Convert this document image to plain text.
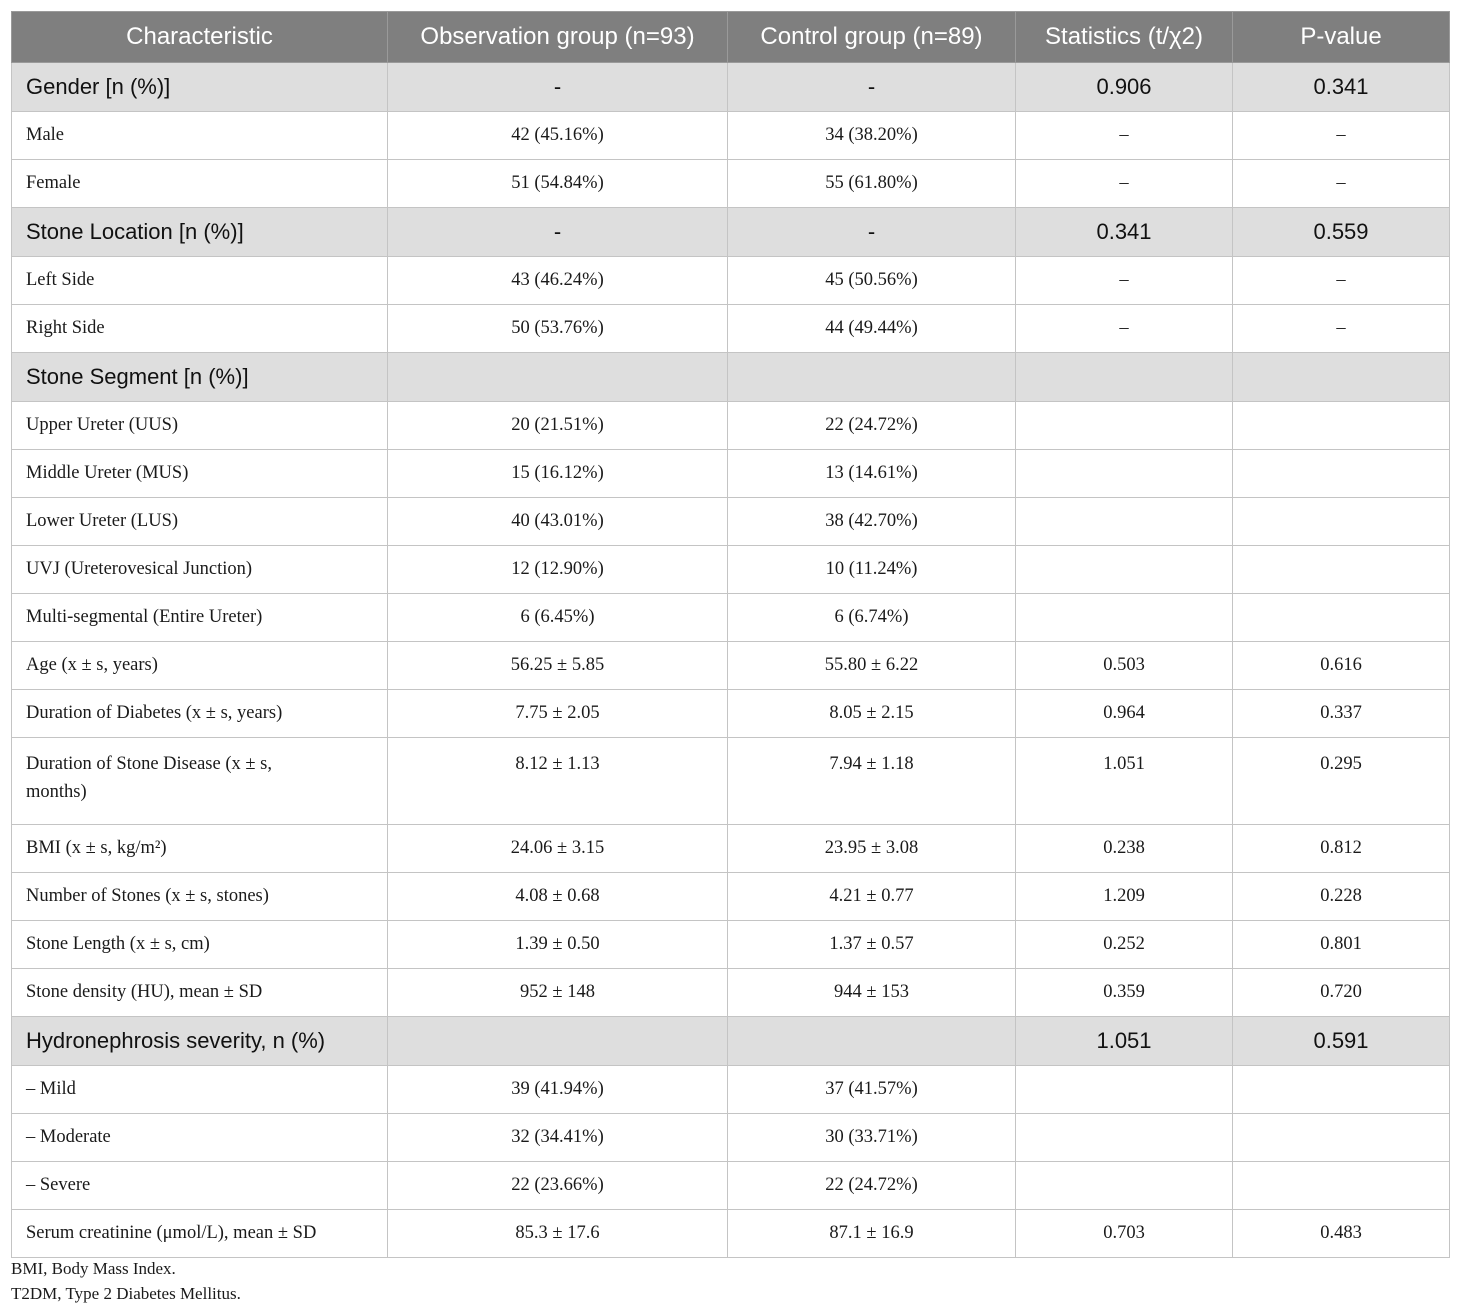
Characteristic	Observation group (n=93)	Control group (n=89)	Statistics (t/χ2)	P-value
Gender [n (%)]	-	-	0.906	0.341
Male	42 (45.16%)	34 (38.20%)	–	–
Female	51 (54.84%)	55 (61.80%)	–	–
Stone Location [n (%)]	-	-	0.341	0.559
Left Side	43 (46.24%)	45 (50.56%)	–	–
Right Side	50 (53.76%)	44 (49.44%)	–	–
Stone Segment [n (%)]				
Upper Ureter (UUS)	20 (21.51%)	22 (24.72%)		
Middle Ureter (MUS)	15 (16.12%)	13 (14.61%)		
Lower Ureter (LUS)	40 (43.01%)	38 (42.70%)		
UVJ (Ureterovesical Junction)	12 (12.90%)	10 (11.24%)		
Multi-segmental (Entire Ureter)	6 (6.45%)	6 (6.74%)		
Age (x ± s, years)	56.25 ± 5.85	55.80 ± 6.22	0.503	0.616
Duration of Diabetes (x ± s, years)	7.75 ± 2.05	8.05 ± 2.15	0.964	0.337
Duration of Stone Disease (x ± s, months)	8.12 ± 1.13	7.94 ± 1.18	1.051	0.295
BMI (x ± s, kg/m²)	24.06 ± 3.15	23.95 ± 3.08	0.238	0.812
Number of Stones (x ± s, stones)	4.08 ± 0.68	4.21 ± 0.77	1.209	0.228
Stone Length (x ± s, cm)	1.39 ± 0.50	1.37 ± 0.57	0.252	0.801
Stone density (HU), mean ± SD	952 ± 148	944 ± 153	0.359	0.720
Hydronephrosis severity, n (%)			1.051	0.591
– Mild	39 (41.94%)	37 (41.57%)		
– Moderate	32 (34.41%)	30 (33.71%)		
– Severe	22 (23.66%)	22 (24.72%)		
Serum creatinine (μmol/L), mean ± SD	85.3 ± 17.6	87.1 ± 16.9	0.703	0.483
BMI, Body Mass Index.
T2DM, Type 2 Diabetes Mellitus.
